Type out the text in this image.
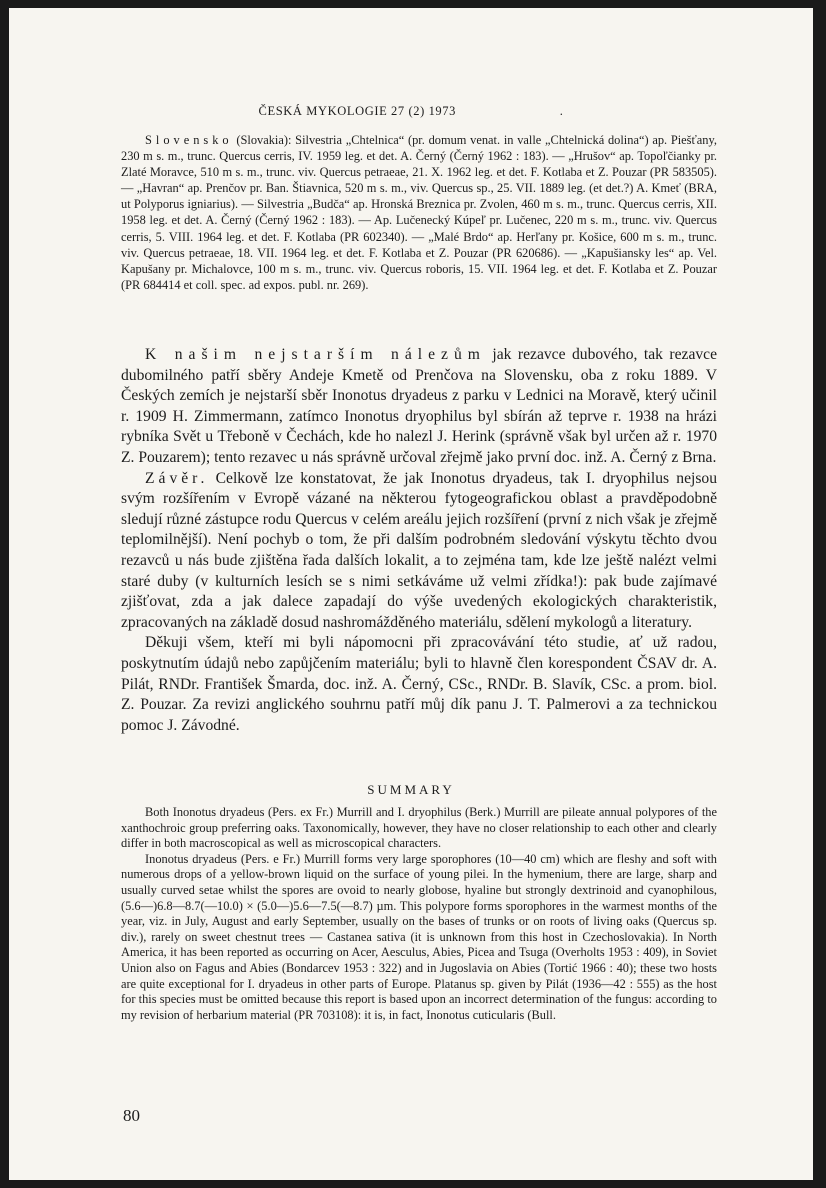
ČESKÁ MYKOLOGIE 27 (2) 1973	.

Slovensko (Slovakia): Silvestria „Chtelnica“ (pr. domum venat. in valle „Chtelnická dolina“) ap. Piešťany, 230 m s. m., trunc. Quercus cerris, IV. 1959 leg. et det. A. Černý (Černý 1962 : 183). — „Hrušov“ ap. Topoľčianky pr. Zlaté Moravce, 510 m s. m., trunc. viv. Quercus petraeae, 21. X. 1962 leg. et det. F. Kotlaba et Z. Pouzar (PR 583505). — „Havran“ ap. Prenčov pr. Ban. Štiavnica, 520 m s. m., viv. Quercus sp., 25. VII. 1889 leg. (et det.?) A. Kmeť (BRA, ut Polyporus igniarius). — Silvestria „Budča“ ap. Hronská Breznica pr. Zvolen, 460 m s. m., trunc. Quercus cerris, XII. 1958 leg. et det. A. Černý (Černý 1962 : 183). — Ap. Lučenecký Kúpeľ pr. Lučenec, 220 m s. m., trunc. viv. Quercus cerris, 5. VIII. 1964 leg. et det. F. Kotlaba (PR 602340). — „Malé Brdo“ ap. Herľany pr. Košice, 600 m s. m., trunc. viv. Quercus petraeae, 18. VII. 1964 leg. et det. F. Kotlaba et Z. Pouzar (PR 620686). — „Kapušiansky les“ ap. Vel. Kapušany pr. Michalovce, 100 m s. m., trunc. viv. Quercus roboris, 15. VII. 1964 leg. et det. F. Kotlaba et Z. Pouzar (PR 684414 et coll. spec. ad expos. publ. nr. 269).

K našim nejstarším nálezům jak rezavce dubového, tak rezavce dubomilného patří sběry Andeje Kmetě od Prenčova na Slovensku, oba z roku 1889. V Českých zemích je nejstarší sběr Inonotus dryadeus z parku v Lednici na Moravě, který učinil r. 1909 H. Zimmermann, zatímco Inonotus dryophilus byl sbírán až teprve r. 1938 na hrázi rybníka Svět u Třeboně v Čechách, kde ho nalezl J. Herink (správně však byl určen až r. 1970 Z. Pouzarem); tento rezavec u nás správně určoval zřejmě jako první doc. inž. A. Černý z Brna.

Závěr. Celkově lze konstatovat, že jak Inonotus dryadeus, tak I. dryophilus nejsou svým rozšířením v Evropě vázané na některou fytogeografickou oblast a pravděpodobně sledují různé zástupce rodu Quercus v celém areálu jejich rozšíření (první z nich však je zřejmě teplomilnější). Není pochyb o tom, že při dalším podrobném sledování výskytu těchto dvou rezavců u nás bude zjištěna řada dalších lokalit, a to zejména tam, kde lze ještě nalézt velmi staré duby (v kulturních lesích se s nimi setkáváme už velmi zřídka!): pak bude zajímavé zjišťovat, zda a jak dalece zapadají do výše uvedených ekologických charakteristik, zpracovaných na základě dosud nashromážděného materiálu, sdělení mykologů a literatury.

Děkuji všem, kteří mi byli nápomocni při zpracovávání této studie, ať už radou, poskytnutím údajů nebo zapůjčením materiálu; byli to hlavně člen korespondent ČSAV dr. A. Pilát, RNDr. František Šmarda, doc. inž. A. Černý, CSc., RNDr. B. Slavík, CSc. a prom. biol. Z. Pouzar. Za revizi anglického souhrnu patří můj dík panu J. T. Palmerovi a za technickou pomoc J. Závodné.

SUMMARY

Both Inonotus dryadeus (Pers. ex Fr.) Murrill and I. dryophilus (Berk.) Murrill are pileate annual polypores of the xanthochroic group preferring oaks. Taxonomically, however, they have no closer relationship to each other and clearly differ in both macroscopical as well as microscopical characters.

Inonotus dryadeus (Pers. e Fr.) Murrill forms very large sporophores (10—40 cm) which are fleshy and soft with numerous drops of a yellow-brown liquid on the surface of young pilei. In the hymenium, there are large, sharp and usually curved setae whilst the spores are ovoid to nearly globose, hyaline but strongly dextrinoid and cyanophilous, (5.6—)6.8—8.7(—10.0) × (5.0—)5.6—7.5(—8.7) µm. This polypore forms sporophores in the warmest months of the year, viz. in July, August and early September, usually on the bases of trunks or on roots of living oaks (Quercus sp. div.), rarely on sweet chestnut trees — Castanea sativa (it is unknown from this host in Czechoslovakia). In North America, it has been reported as occurring on Acer, Aesculus, Abies, Picea and Tsuga (Overholts 1953 : 409), in Soviet Union also on Fagus and Abies (Bondarcev 1953 : 322) and in Jugoslavia on Abies (Tortić 1966 : 40); these two hosts are quite exceptional for I. dryadeus in other parts of Europe. Platanus sp. given by Pilát (1936—42 : 555) as the host for this species must be omitted because this report is based upon an incorrect determination of the fungus: according to my revision of herbarium material (PR 703108): it is, in fact, Inonotus cuticularis (Bull.

80
